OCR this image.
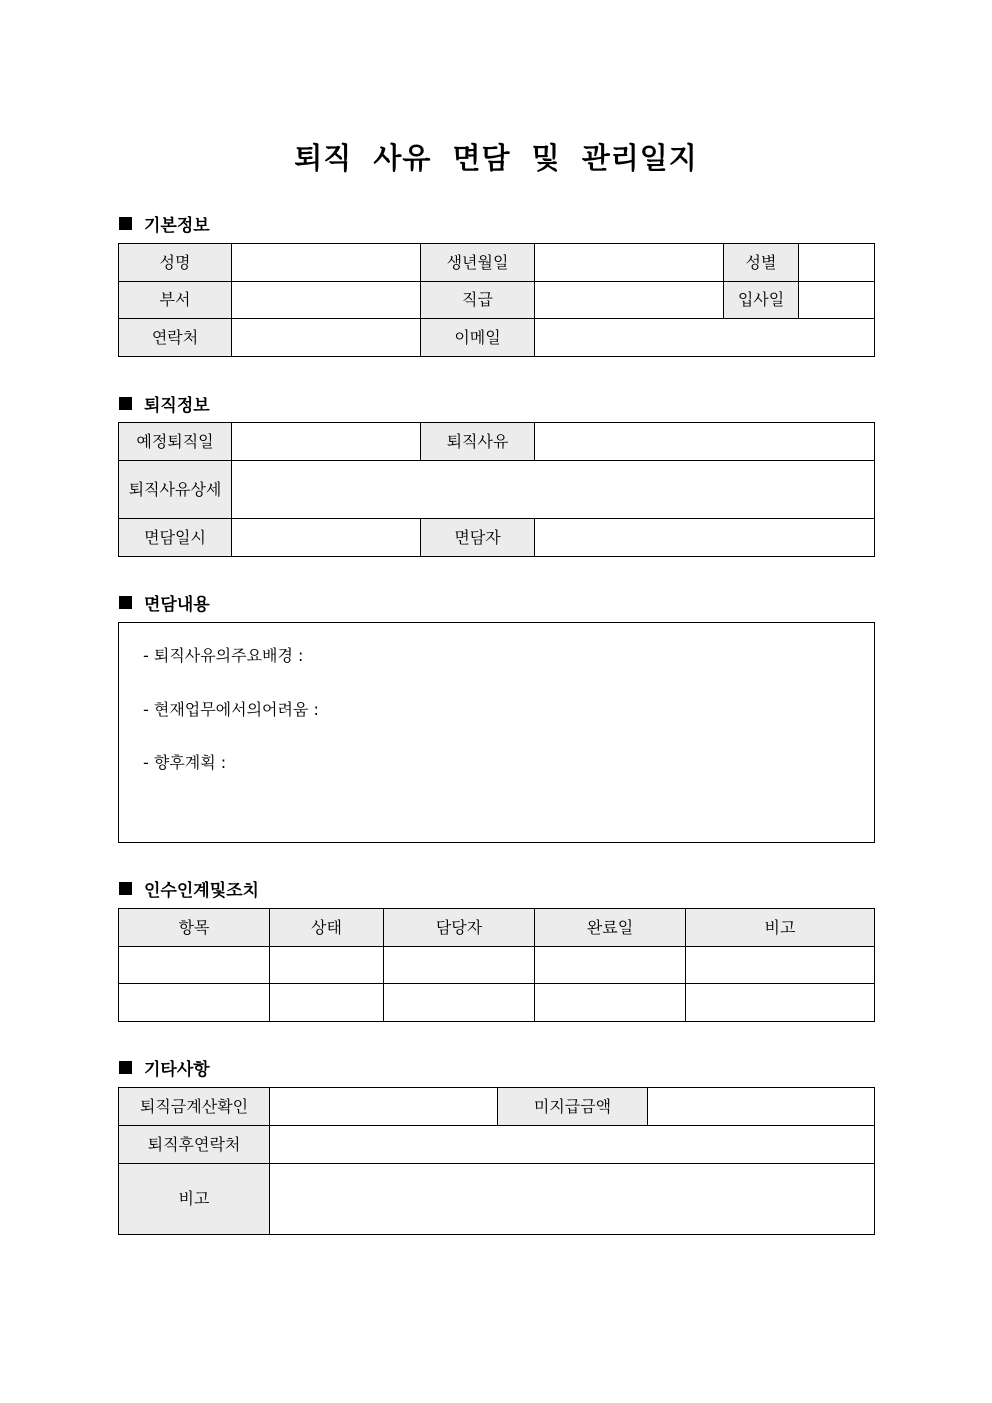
퇴직 사유 면담 및 관리일지
기본정보
성명	생년월일	성별
부서	직급	입사일
연락처	이메일
퇴직정보
예정퇴직일	퇴직사유
퇴직사유상세
면담일시	면담자
면담내용
- 퇴직사유의주요배경 :
- 현재업무에서의어려움 :
- 향후계획 :
인수인계및조치
항목	상태	담당자	완료일	비고
기타사항
퇴직금계산확인	미지급금액
퇴직후연락처
비고
